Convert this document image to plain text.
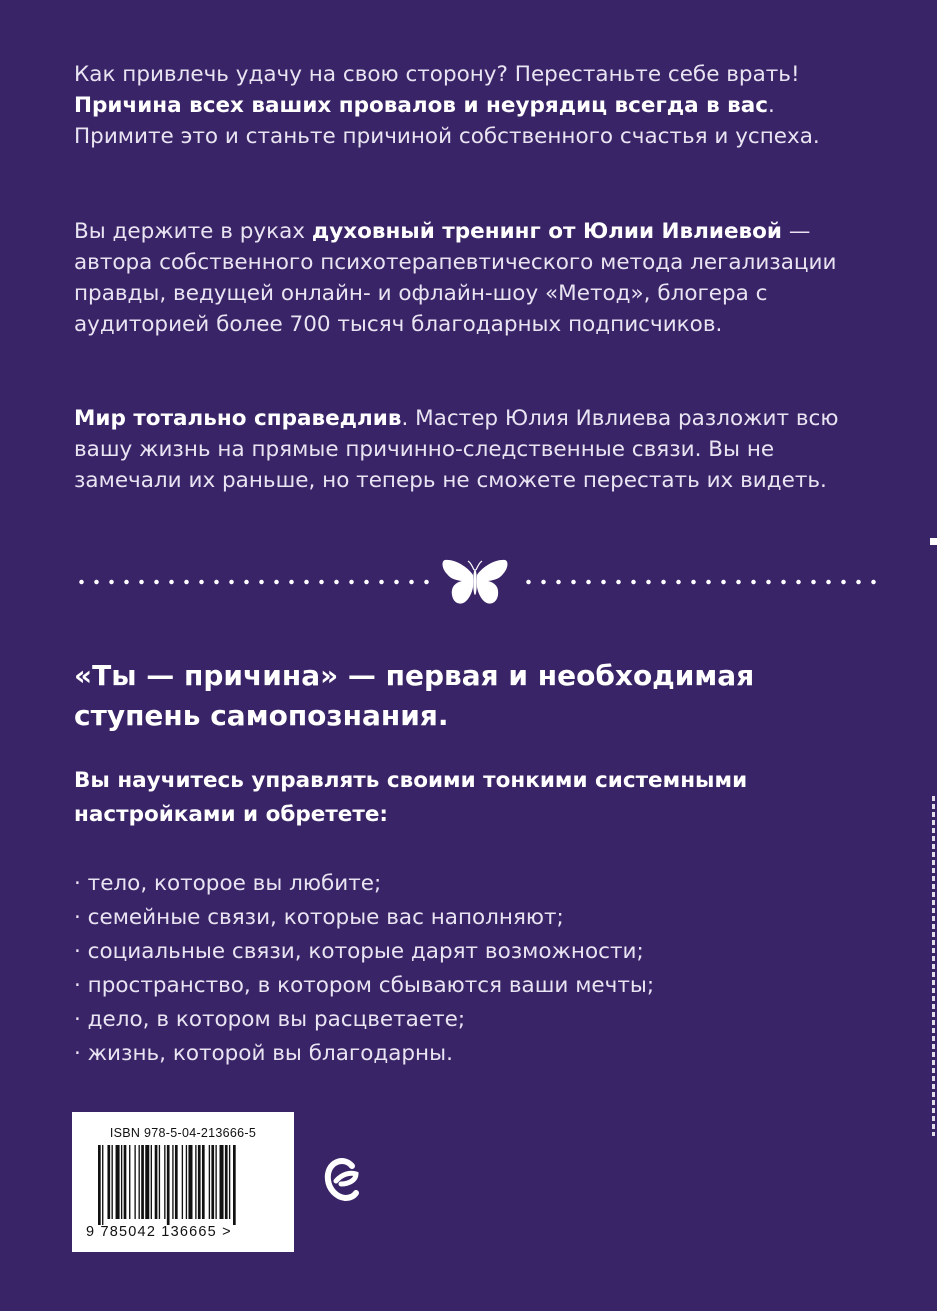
Как привлечь удачу на свою сторону? Перестаньте себе врать! Причина всех ваших провалов и неурядиц всегда в вас. Примите это и станьте причиной собственного счастья и успеха.

Вы держите в руках духовный тренинг от Юлии Ивлиевой — автора собственного психотерапевтического метода легализации правды, ведущей онлайн- и офлайн-шоу «Метод», блогера с аудиторией более 700 тысяч благодарных подписчиков.

Мир тотально справедлив. Мастер Юлия Ивлиева разложит всю вашу жизнь на прямые причинно-следственные связи. Вы не замечали их раньше, но теперь не сможете перестать их видеть.

«Ты — причина» — первая и необходимая ступень самопознания.

Вы научитесь управлять своими тонкими системными настройками и обретете:

· тело, которое вы любите;
· семейные связи, которые вас наполняют;
· социальные связи, которые дарят возможности;
· пространство, в котором сбываются ваши мечты;
· дело, в котором вы расцветаете;
· жизнь, которой вы благодарны.
ISBN 978-5-04-213666-5
9 785042 136665 >
